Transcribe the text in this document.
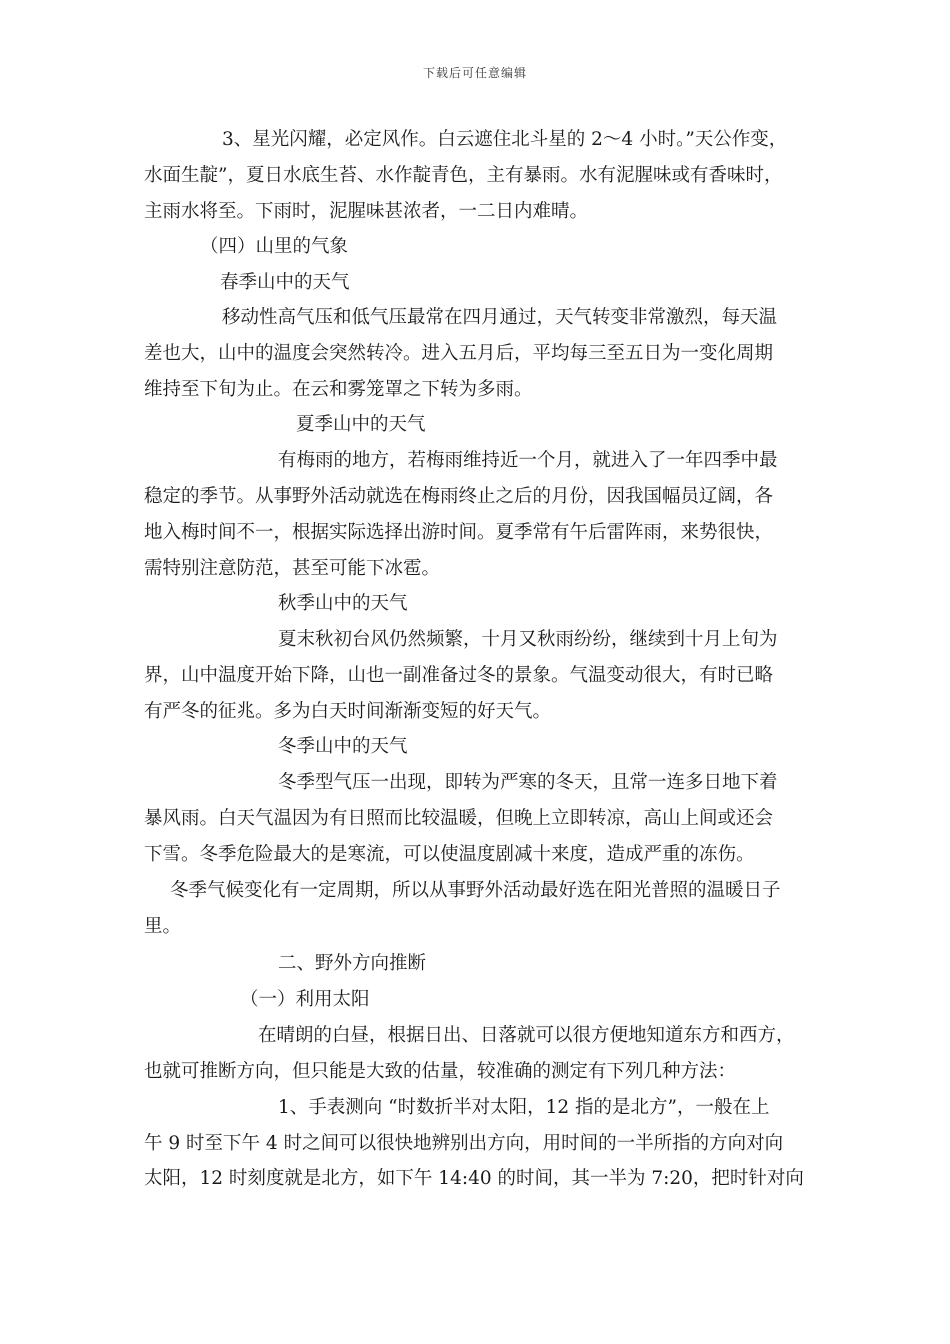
下载后可任意编辑
3、星光闪耀，必定风作。白云遮住北斗星的 2～4 小时。”天公作变，
水面生靛”，夏日水底生苔、水作靛青色，主有暴雨。水有泥腥味或有香味时，
主雨水将至。下雨时，泥腥味甚浓者，一二日内难晴。
（四）山里的气象
春季山中的天气
移动性高气压和低气压最常在四月通过，天气转变非常激烈，每天温
差也大，山中的温度会突然转冷。进入五月后，平均每三至五日为一变化周期
维持至下旬为止。在云和雾笼罩之下转为多雨。
夏季山中的天气
有梅雨的地方，若梅雨维持近一个月，就进入了一年四季中最
稳定的季节。从事野外活动就选在梅雨终止之后的月份，因我国幅员辽阔，各
地入梅时间不一，根据实际选择出游时间。夏季常有午后雷阵雨，来势很快，
需特别注意防范，甚至可能下冰雹。
秋季山中的天气
夏末秋初台风仍然频繁，十月又秋雨纷纷，继续到十月上旬为
界，山中温度开始下降，山也一副准备过冬的景象。气温变动很大，有时已略
有严冬的征兆。多为白天时间渐渐变短的好天气。
冬季山中的天气
冬季型气压一出现，即转为严寒的冬天，且常一连多日地下着
暴风雨。白天气温因为有日照而比较温暖，但晚上立即转凉，高山上间或还会
下雪。冬季危险最大的是寒流，可以使温度剧减十来度，造成严重的冻伤。
冬季气候变化有一定周期，所以从事野外活动最好选在阳光普照的温暖日子
里。
二、野外方向推断
（一）利用太阳
在晴朗的白昼，根据日出、日落就可以很方便地知道东方和西方，
也就可推断方向，但只能是大致的估量，较准确的测定有下列几种方法：
1、手表测向 “时数折半对太阳，12 指的是北方”，一般在上
午 9 时至下午 4 时之间可以很快地辨别出方向，用时间的一半所指的方向对向
太阳，12 时刻度就是北方，如下午 14:40 的时间，其一半为 7:20，把时针对向
